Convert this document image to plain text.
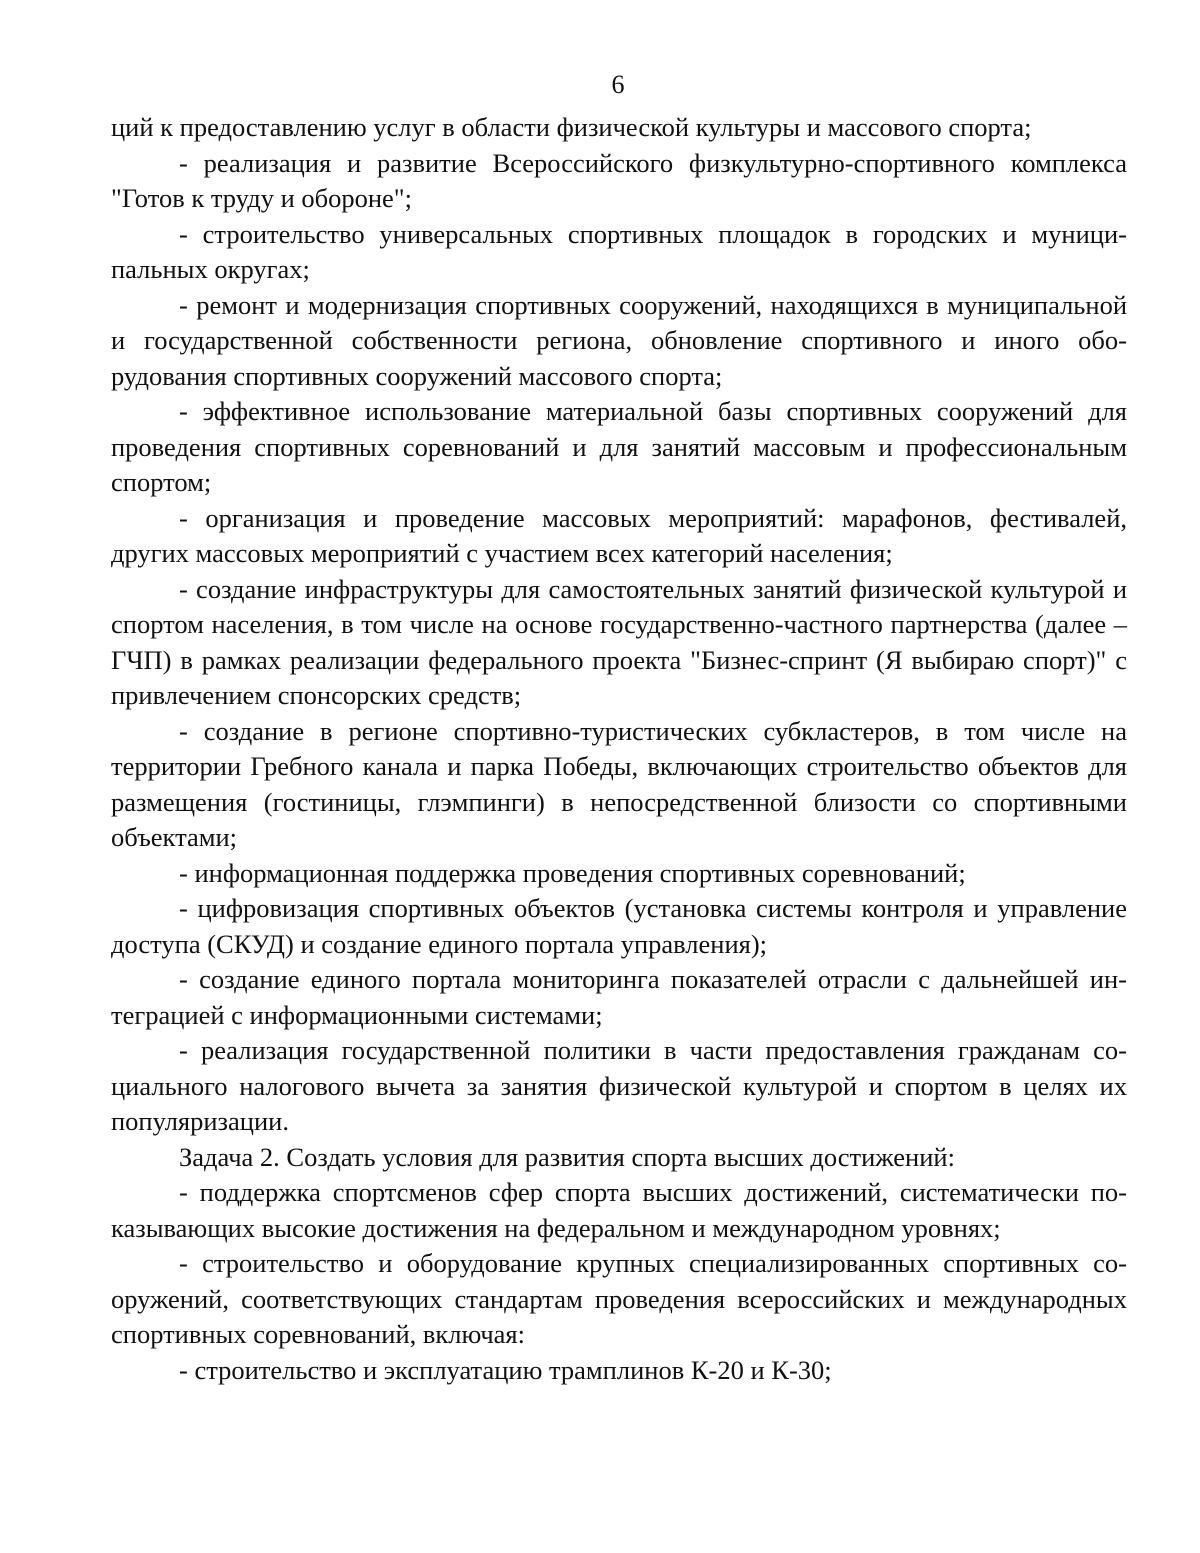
6

ций к предоставлению услуг в области физической культуры и массового спорта;

- реализация и развитие Всероссийского физкультурно-спортивного комплекса "Готов к труду и обороне";

- строительство универсальных спортивных площадок в городских и муниципальных округах;

- ремонт и модернизация спортивных сооружений, находящихся в муниципальной и государственной собственности региона, обновление спортивного и иного оборудования спортивных сооружений массового спорта;

- эффективное использование материальной базы спортивных сооружений для проведения спортивных соревнований и для занятий массовым и профессиональным спортом;

- организация и проведение массовых мероприятий: марафонов, фестивалей, других массовых мероприятий с участием всех категорий населения;

- создание инфраструктуры для самостоятельных занятий физической культурой и спортом населения, в том числе на основе государственно-частного партнерства (далее – ГЧП) в рамках реализации федерального проекта "Бизнес-спринт (Я выбираю спорт)" с привлечением спонсорских средств;

- создание в регионе спортивно-туристических субкластеров, в том числе на территории Гребного канала и парка Победы, включающих строительство объектов для размещения (гостиницы, глэмпинги) в непосредственной близости со спортивными объектами;

- информационная поддержка проведения спортивных соревнований;

- цифровизация спортивных объектов (установка системы контроля и управление доступа (СКУД) и создание единого портала управления);

- создание единого портала мониторинга показателей отрасли с дальнейшей интеграцией с информационными системами;

- реализация государственной политики в части предоставления гражданам социального налогового вычета за занятия физической культурой и спортом в целях их популяризации.

Задача 2. Создать условия для развития спорта высших достижений:

- поддержка спортсменов сфер спорта высших достижений, систематически показывающих высокие достижения на федеральном и международном уровнях;

- строительство и оборудование крупных специализированных спортивных сооружений, соответствующих стандартам проведения всероссийских и международных спортивных соревнований, включая:

- строительство и эксплуатацию трамплинов К-20 и К-30;
